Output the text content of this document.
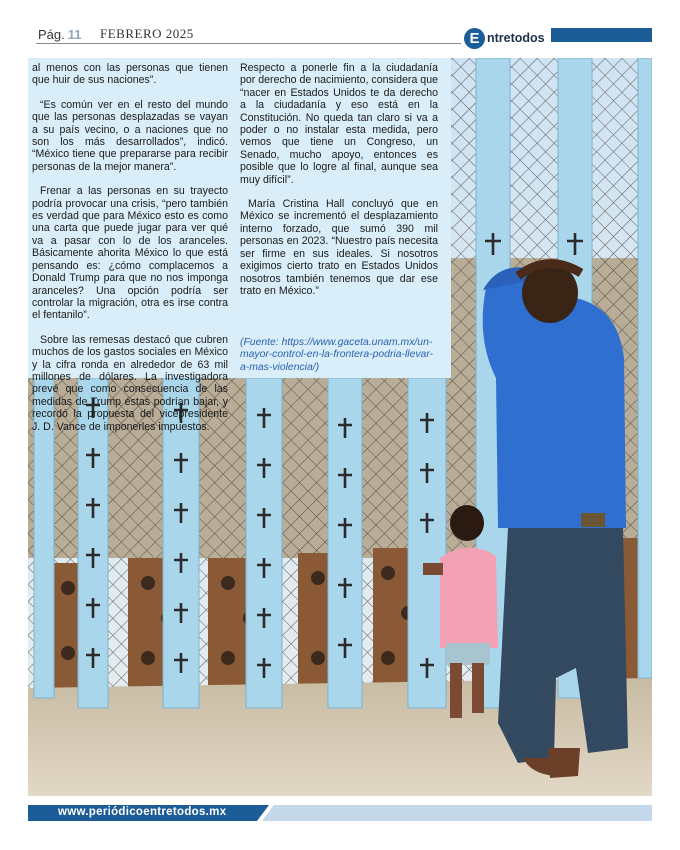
Pág. 11 FEBRERO 2025	E ntretodos

al menos con las personas que tienen que huir de sus naciones”.

“Es común ver en el resto del mundo que las personas desplazadas se vayan a su país vecino, o a naciones que no son los más desarrollados”, indicó. “México tiene que prepararse para recibir personas de la mejor manera”.

Frenar a las personas en su trayecto podría provocar una crisis, “pero también es verdad que para México esto es como una carta que puede jugar para ver qué va a pasar con lo de los aranceles. Básicamente ahorita México lo que está pensando es: ¿cómo complacemos a Donald Trump para que no nos imponga aranceles? Una opción podría ser controlar la migración, otra es irse contra el fentanilo”.

Sobre las remesas destacó que cubren muchos de los gastos sociales en México y la cifra ronda en alrededor de 63 mil millones de dólares. La investigadora prevé que como consecuencia de las medidas de Trump éstas podrían bajar, y recordó la propuesta del vicepresidente J. D. Vance de imponerles impuestos.

Respecto a ponerle fin a la ciudadanía por derecho de nacimiento, considera que “nacer en Estados Unidos te da derecho a la ciudadanía y eso está en la Constitución. No queda tan claro si va a poder o no instalar esta medida, pero vemos que tiene un Congreso, un Senado, mucho apoyo, entonces es posible que lo logre al final, aunque sea muy difícil”.

María Cristina Hall concluyó que en México se incrementó el desplazamiento interno forzado, que sumó 390 mil personas en 2023. “Nuestro país necesita ser firme en sus ideales. Si nosotros exigimos cierto trato en Estados Unidos nosotros también tenemos que dar ese trato en México.”

(Fuente: https://www.gaceta.unam.mx/un-mayor-control-en-la-frontera-podria-llevar-a-mas-violencia/)
www.periódicoentretodos.mx
